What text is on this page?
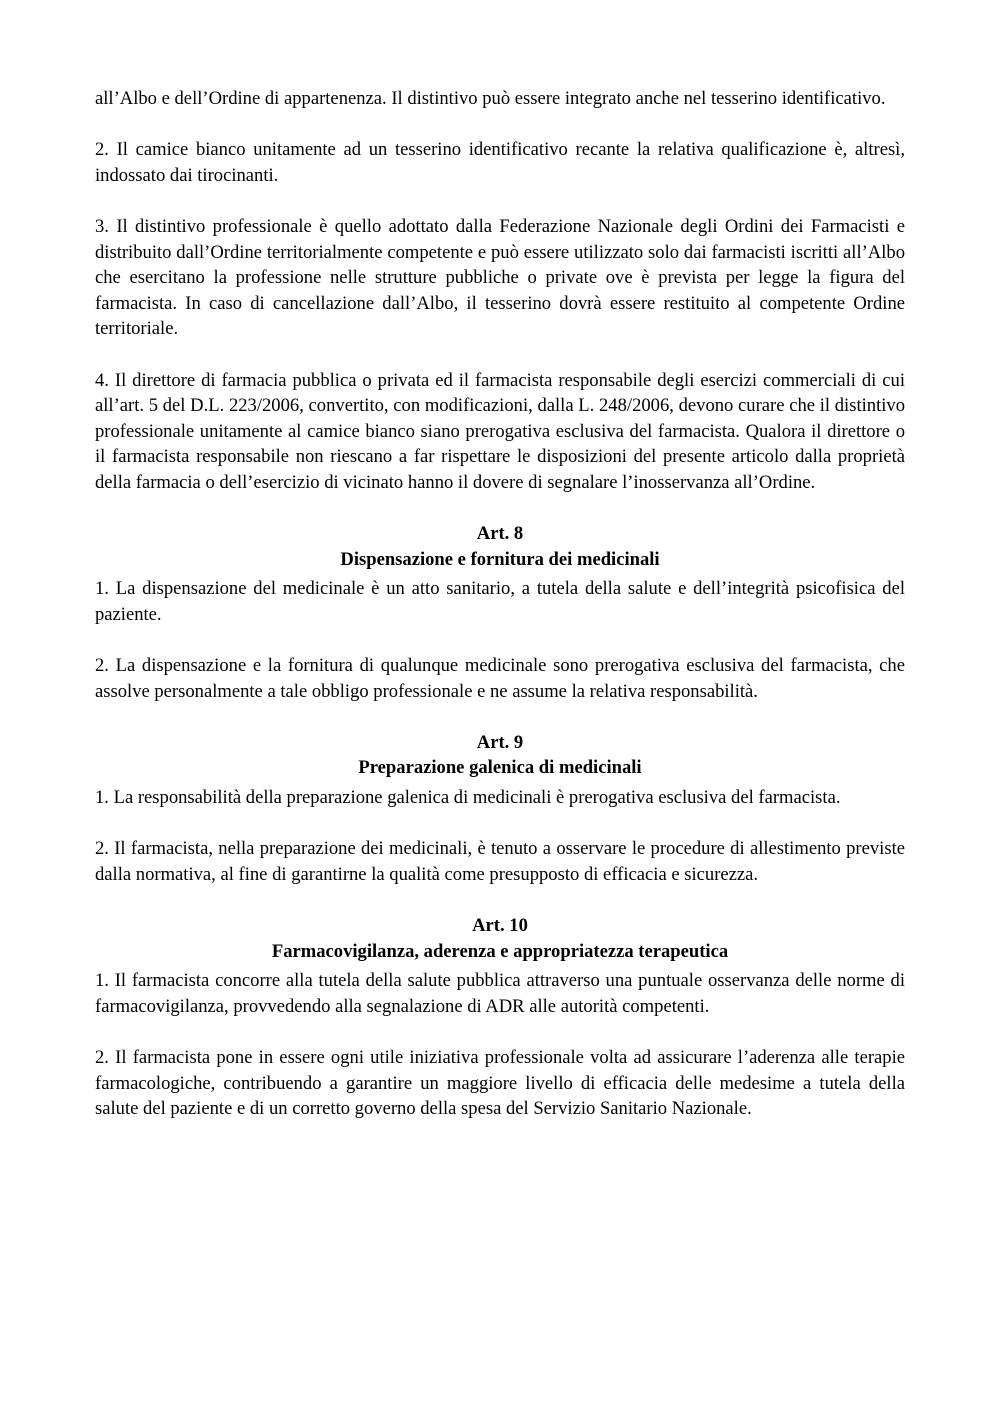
all’Albo e dell’Ordine di appartenenza. Il distintivo può essere integrato anche nel tesserino identificativo.

2. Il camice bianco unitamente ad un tesserino identificativo recante la relativa qualificazione è, altresì, indossato dai tirocinanti.

3. Il distintivo professionale è quello adottato dalla Federazione Nazionale degli Ordini dei Farmacisti e distribuito dall’Ordine territorialmente competente e può essere utilizzato solo dai farmacisti iscritti all’Albo che esercitano la professione nelle strutture pubbliche o private ove è prevista per legge la figura del farmacista. In caso di cancellazione dall’Albo, il tesserino dovrà essere restituito al competente Ordine territoriale.

4. Il direttore di farmacia pubblica o privata ed il farmacista responsabile degli esercizi commerciali di cui all’art. 5 del D.L. 223/2006, convertito, con modificazioni, dalla L. 248/2006, devono curare che il distintivo professionale unitamente al camice bianco siano prerogativa esclusiva del farmacista. Qualora il direttore o il farmacista responsabile non riescano a far rispettare le disposizioni del presente articolo dalla proprietà della farmacia o dell’esercizio di vicinato hanno il dovere di segnalare l’inosservanza all’Ordine.

Art. 8

Dispensazione e fornitura dei medicinali

1. La dispensazione del medicinale è un atto sanitario, a tutela della salute e dell’integrità psicofisica del paziente.

2. La dispensazione e la fornitura di qualunque medicinale sono prerogativa esclusiva del farmacista, che assolve personalmente a tale obbligo professionale e ne assume la relativa responsabilità.

Art. 9

Preparazione galenica di medicinali

1. La responsabilità della preparazione galenica di medicinali è prerogativa esclusiva del farmacista.

2. Il farmacista, nella preparazione dei medicinali, è tenuto a osservare le procedure di allestimento previste dalla normativa, al fine di garantirne la qualità come presupposto di efficacia e sicurezza.

Art. 10

Farmacovigilanza, aderenza e appropriatezza terapeutica

1. Il farmacista concorre alla tutela della salute pubblica attraverso una puntuale osservanza delle norme di farmacovigilanza, provvedendo alla segnalazione di ADR alle autorità competenti.

2. Il farmacista pone in essere ogni utile iniziativa professionale volta ad assicurare l’aderenza alle terapie farmacologiche, contribuendo a garantire un maggiore livello di efficacia delle medesime a tutela della salute del paziente e di un corretto governo della spesa del Servizio Sanitario Nazionale.
